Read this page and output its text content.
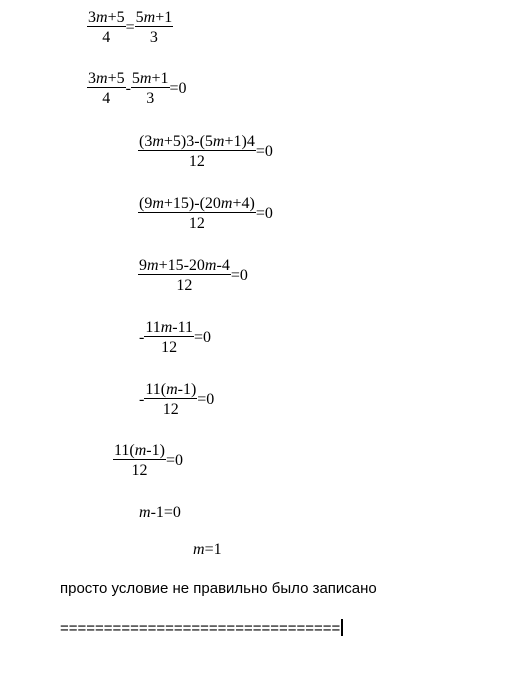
$\frac{3m+5}{4} = \frac{5m+1}{3}$
$\frac{3m+5}{4} - \frac{5m+1}{3} =0$
$\frac{(3m+5)3-(5m+1)4}{12} =0$
$\frac{(9m+15)-(20m+4)}{12} =0$
$\frac{9m+15-20m-4}{12} =0$
- $\frac{11m-11}{12} =0$
- $\frac{11(m-1)}{12} =0$
$\frac{11(m-1)}{12} =0$
m-1=0
m=1
просто условие не правильно было записано
================================
